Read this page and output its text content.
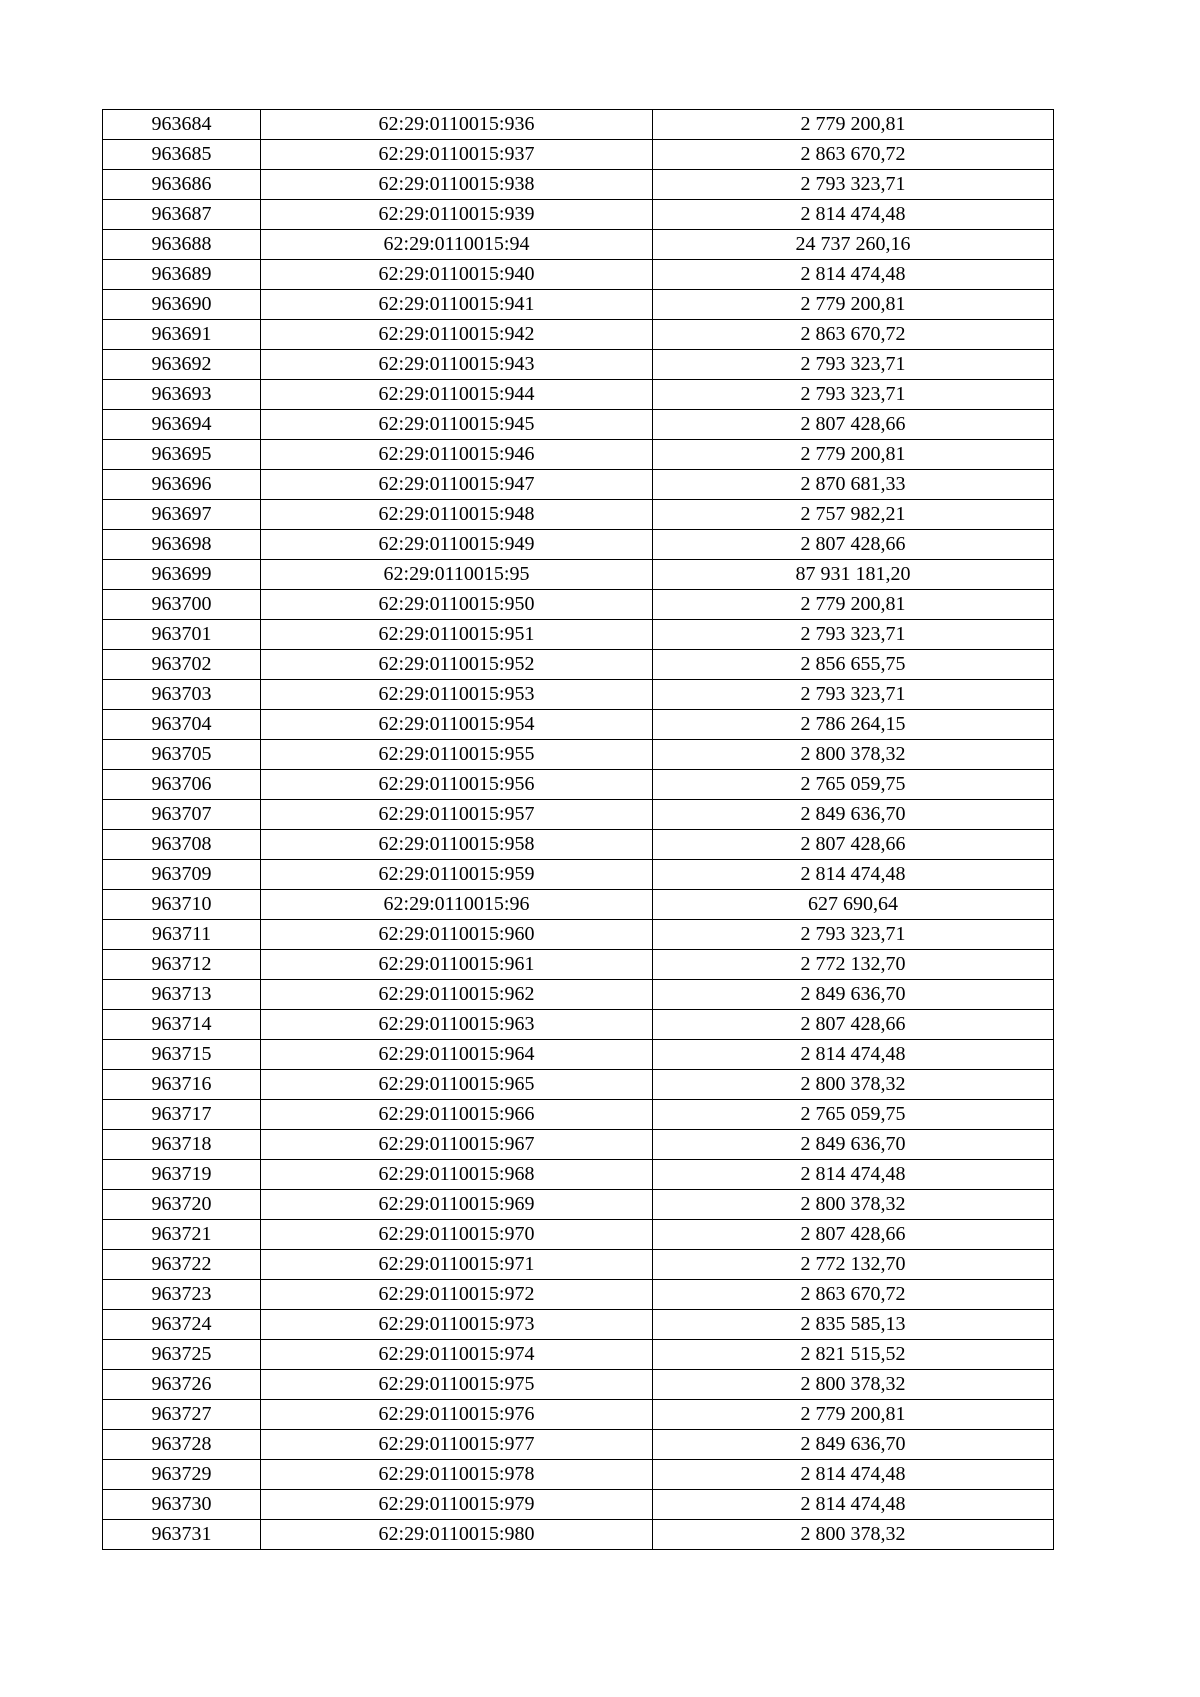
963684	62:29:0110015:936	2 779 200,81
963685	62:29:0110015:937	2 863 670,72
963686	62:29:0110015:938	2 793 323,71
963687	62:29:0110015:939	2 814 474,48
963688	62:29:0110015:94	24 737 260,16
963689	62:29:0110015:940	2 814 474,48
963690	62:29:0110015:941	2 779 200,81
963691	62:29:0110015:942	2 863 670,72
963692	62:29:0110015:943	2 793 323,71
963693	62:29:0110015:944	2 793 323,71
963694	62:29:0110015:945	2 807 428,66
963695	62:29:0110015:946	2 779 200,81
963696	62:29:0110015:947	2 870 681,33
963697	62:29:0110015:948	2 757 982,21
963698	62:29:0110015:949	2 807 428,66
963699	62:29:0110015:95	87 931 181,20
963700	62:29:0110015:950	2 779 200,81
963701	62:29:0110015:951	2 793 323,71
963702	62:29:0110015:952	2 856 655,75
963703	62:29:0110015:953	2 793 323,71
963704	62:29:0110015:954	2 786 264,15
963705	62:29:0110015:955	2 800 378,32
963706	62:29:0110015:956	2 765 059,75
963707	62:29:0110015:957	2 849 636,70
963708	62:29:0110015:958	2 807 428,66
963709	62:29:0110015:959	2 814 474,48
963710	62:29:0110015:96	627 690,64
963711	62:29:0110015:960	2 793 323,71
963712	62:29:0110015:961	2 772 132,70
963713	62:29:0110015:962	2 849 636,70
963714	62:29:0110015:963	2 807 428,66
963715	62:29:0110015:964	2 814 474,48
963716	62:29:0110015:965	2 800 378,32
963717	62:29:0110015:966	2 765 059,75
963718	62:29:0110015:967	2 849 636,70
963719	62:29:0110015:968	2 814 474,48
963720	62:29:0110015:969	2 800 378,32
963721	62:29:0110015:970	2 807 428,66
963722	62:29:0110015:971	2 772 132,70
963723	62:29:0110015:972	2 863 670,72
963724	62:29:0110015:973	2 835 585,13
963725	62:29:0110015:974	2 821 515,52
963726	62:29:0110015:975	2 800 378,32
963727	62:29:0110015:976	2 779 200,81
963728	62:29:0110015:977	2 849 636,70
963729	62:29:0110015:978	2 814 474,48
963730	62:29:0110015:979	2 814 474,48
963731	62:29:0110015:980	2 800 378,32
